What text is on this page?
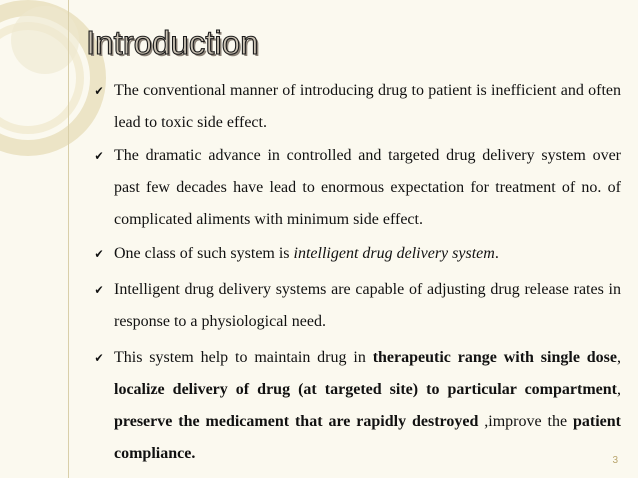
Introduction
✔
The conventional manner of introducing drug to patient is inefficient and often lead to toxic side effect.
✔
The dramatic advance in controlled and targeted drug delivery system over past few decades have lead to enormous expectation for treatment of no. of complicated aliments with minimum side effect.
✔
One class of such system is intelligent drug delivery system.
✔
Intelligent drug delivery systems are capable of adjusting drug release rates in response to a physiological need.
✔
This system help to maintain drug in therapeutic range with single dose, localize delivery of drug (at targeted site) to particular compartment, preserve the medicament that are rapidly destroyed ,improve the patient compliance.	3
